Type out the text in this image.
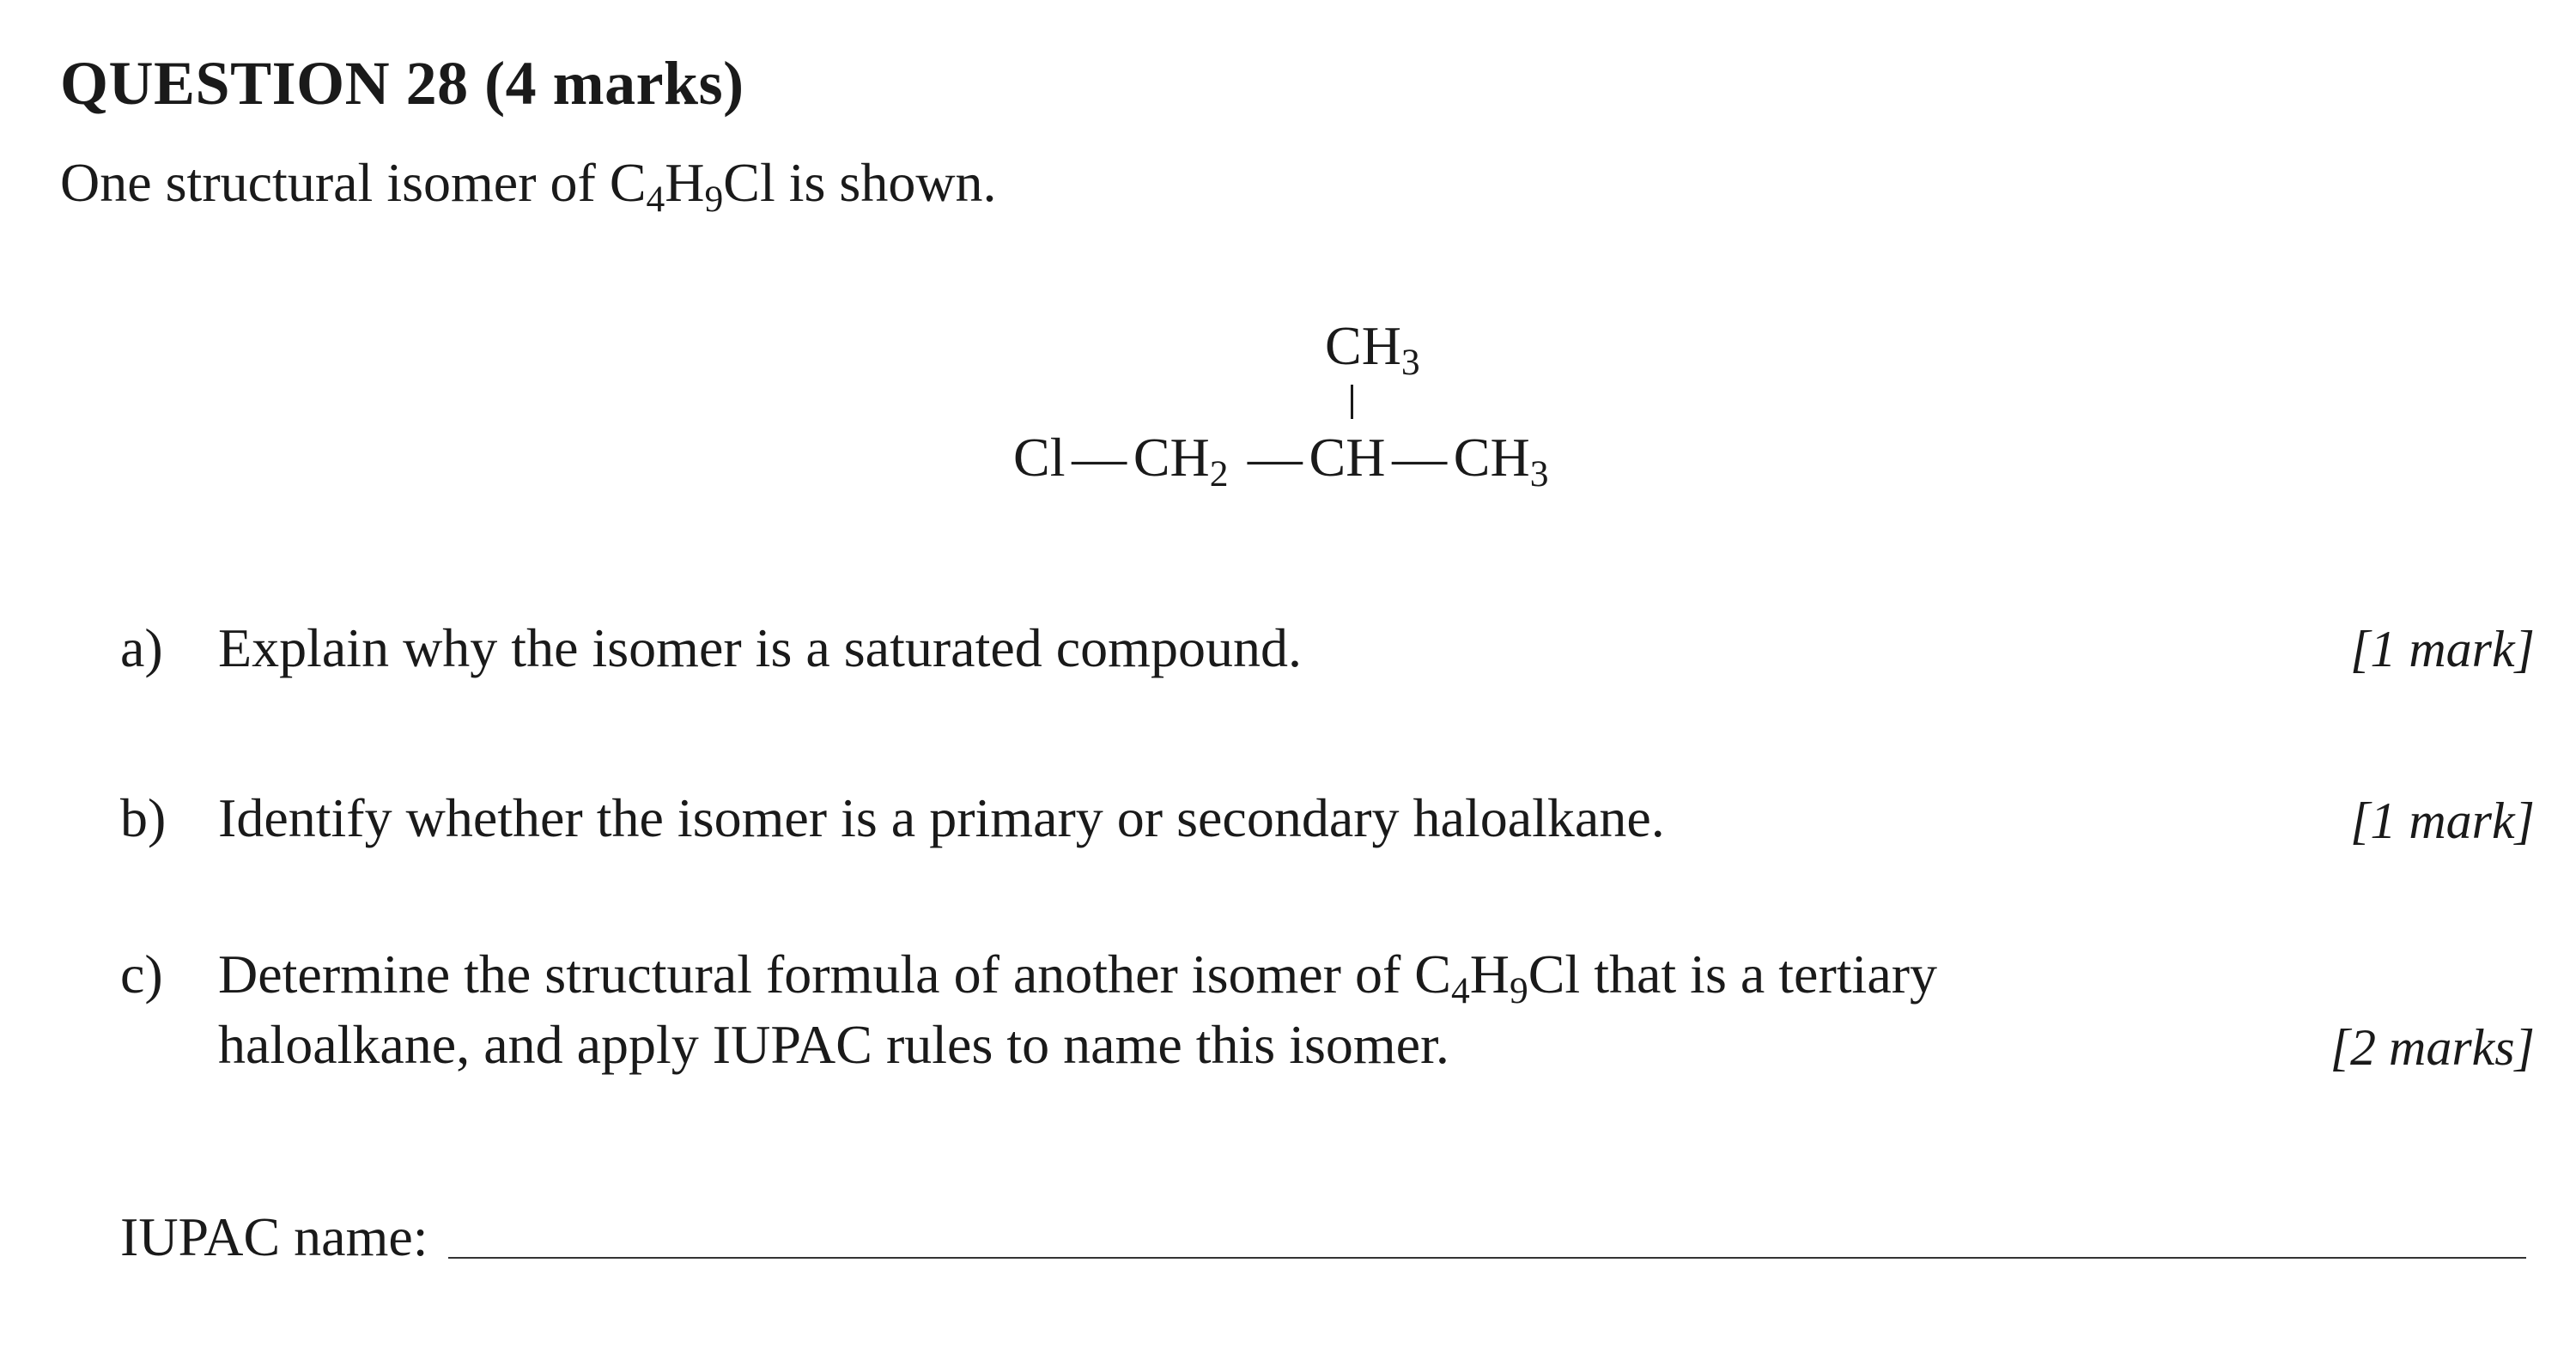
QUESTION 28 (4 marks)
One structural isomer of $C_4H_9Cl$ is shown.
$CH_3$
Cl — $CH_2$ — CH — $CH_3$
a) Explain why the isomer is a saturated compound.	[1 mark]
b) Identify whether the isomer is a primary or secondary haloalkane.	[1 mark]
c) Determine the structural formula of another isomer of $C_4H_9Cl$ that is a tertiary
haloalkane, and apply IUPAC rules to name this isomer.	[2 marks]
IUPAC name:
